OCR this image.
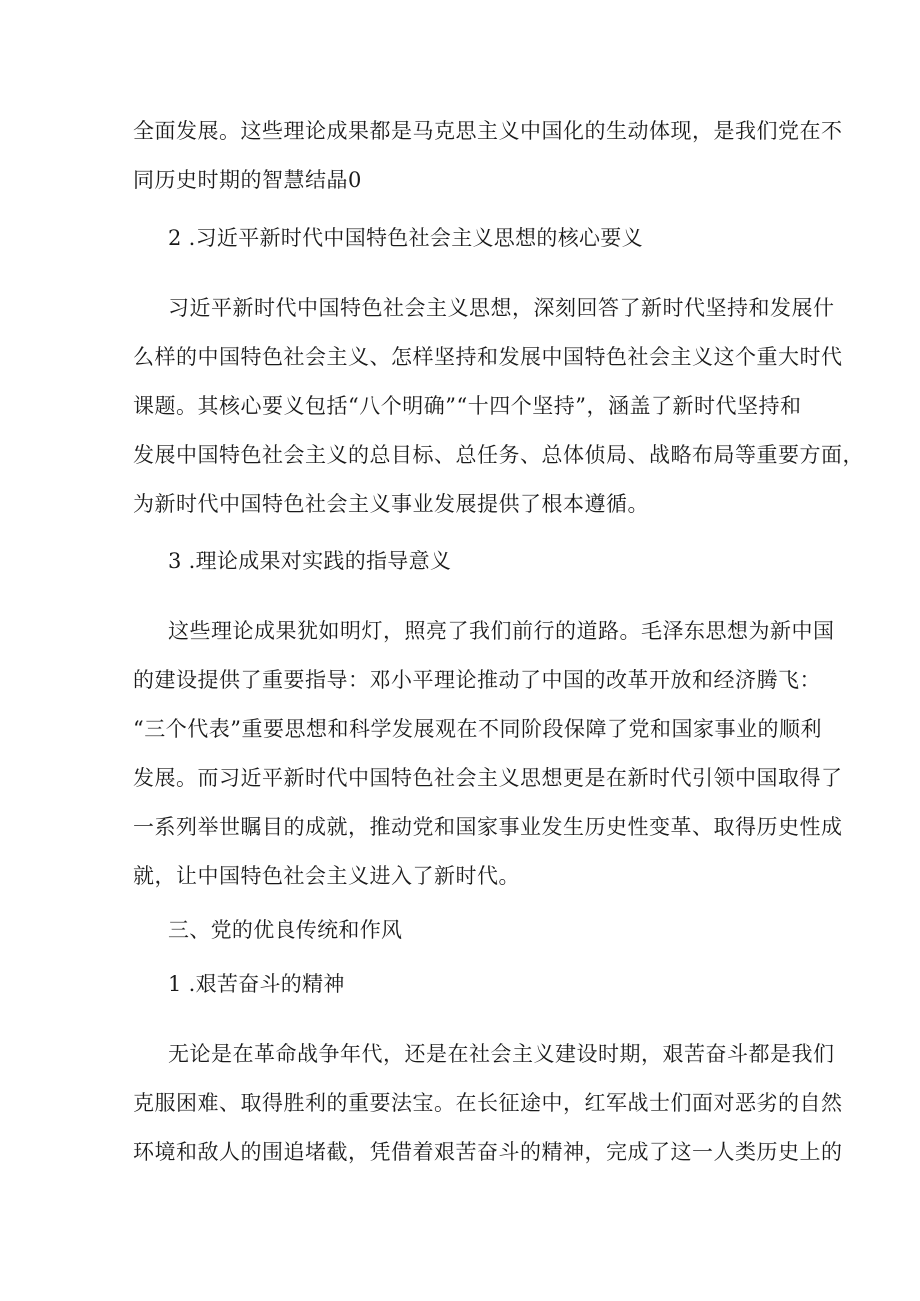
全面发展。这些理论成果都是马克思主义中国化的生动体现，是我们党在不
同历史时期的智慧结晶0
2 .习近平新时代中国特色社会主义思想的核心要义
习近平新时代中国特色社会主义思想，深刻回答了新时代坚持和发展什
么样的中国特色社会主义、怎样坚持和发展中国特色社会主义这个重大时代
课题。其核心要义包括“八个明确”“十四个坚持”，涵盖了新时代坚持和
发展中国特色社会主义的总目标、总任务、总体侦局、战略布局等重要方面，
为新时代中国特色社会主义事业发展提供了根本遵循。
3 .理论成果对实践的指导意义
这些理论成果犹如明灯，照亮了我们前行的道路。毛泽东思想为新中国
的建设提供了重要指导：邓小平理论推动了中国的改革开放和经济腾飞：
“三个代表”重要思想和科学发展观在不同阶段保障了党和国家事业的顺利
发展。而习近平新时代中国特色社会主义思想更是在新时代引领中国取得了
一系列举世瞩目的成就，推动党和国家事业发生历史性变革、取得历史性成
就，让中国特色社会主义进入了新时代。
三、党的优良传统和作风
1 .艰苦奋斗的精神
无论是在革命战争年代，还是在社会主义建设时期，艰苦奋斗都是我们
克服困难、取得胜利的重要法宝。在长征途中，红军战士们面对恶劣的自然
环境和敌人的围追堵截，凭借着艰苦奋斗的精神，完成了这一人类历史上的
